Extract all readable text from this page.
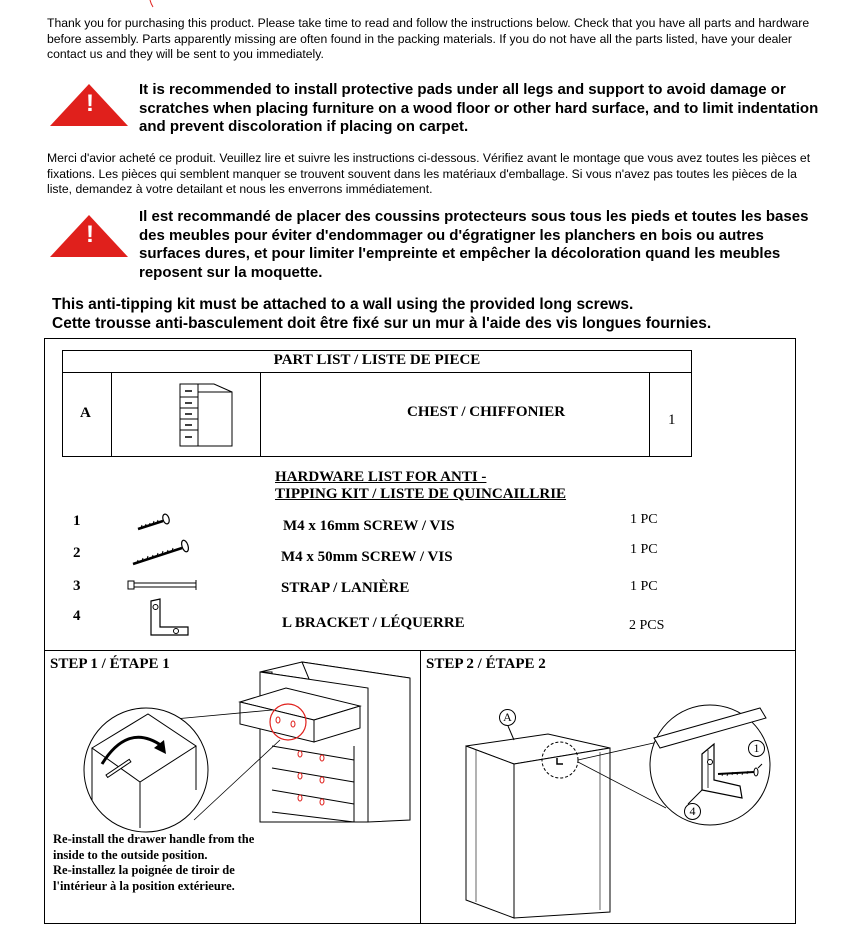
Thank you for purchasing this product. Please take time to read and follow the instructions below. Check that you have all parts and hardware before assembly. Parts apparently missing are often found in the packing materials. If you do not have all the parts listed, have your dealer contact us and they will be sent to you immediately.
!
It is recommended to install protective pads under all legs and support to avoid damage or scratches when placing furniture on a wood floor or other hard surface, and to limit indentation and prevent discoloration if placing on carpet.
Merci d'avior acheté ce produit. Veuillez lire et suivre les instructions ci-dessous. Vérifiez avant le montage que vous avez toutes les pièces et fixations. Les pièces qui semblent manquer se trouvent souvent dans les matériaux d'emballage. Si vous n'avez pas toutes les pièces de la liste, demandez à votre detailant et nous les enverrons immédiatement.
!
Il est recommandé de placer des coussins protecteurs sous tous les pieds et toutes les bases des meubles pour éviter d'endommager ou d'égratigner les planchers en bois ou autres surfaces dures, et pour limiter l'empreinte et empêcher la décoloration quand les meubles reposent sur la moquette.
This anti-tipping kit must be attached to a wall using the provided long screws.
Cette trousse anti-basculement doit être fixé sur un mur à l'aide des vis longues fournies.
PART LIST / LISTE DE PIECE
A	CHEST / CHIFFONIER	1
HARDWARE LIST FOR ANTI -
TIPPING KIT / LISTE DE QUINCAILLRIE
1	M4 x 16mm SCREW / VIS	1 PC
2	M4 x 50mm SCREW / VIS	1 PC
3	STRAP / LANIÈRE	1 PC
4	L BRACKET / LÉQUERRE	2 PCS
STEP 1 / ÉTAPE 1	STEP 2 / ÉTAPE 2
Re-install the drawer handle from the
inside to the outside position.
Re-installez la poignée de tiroir de
l'intérieur à la position extérieure.
A
1
4
